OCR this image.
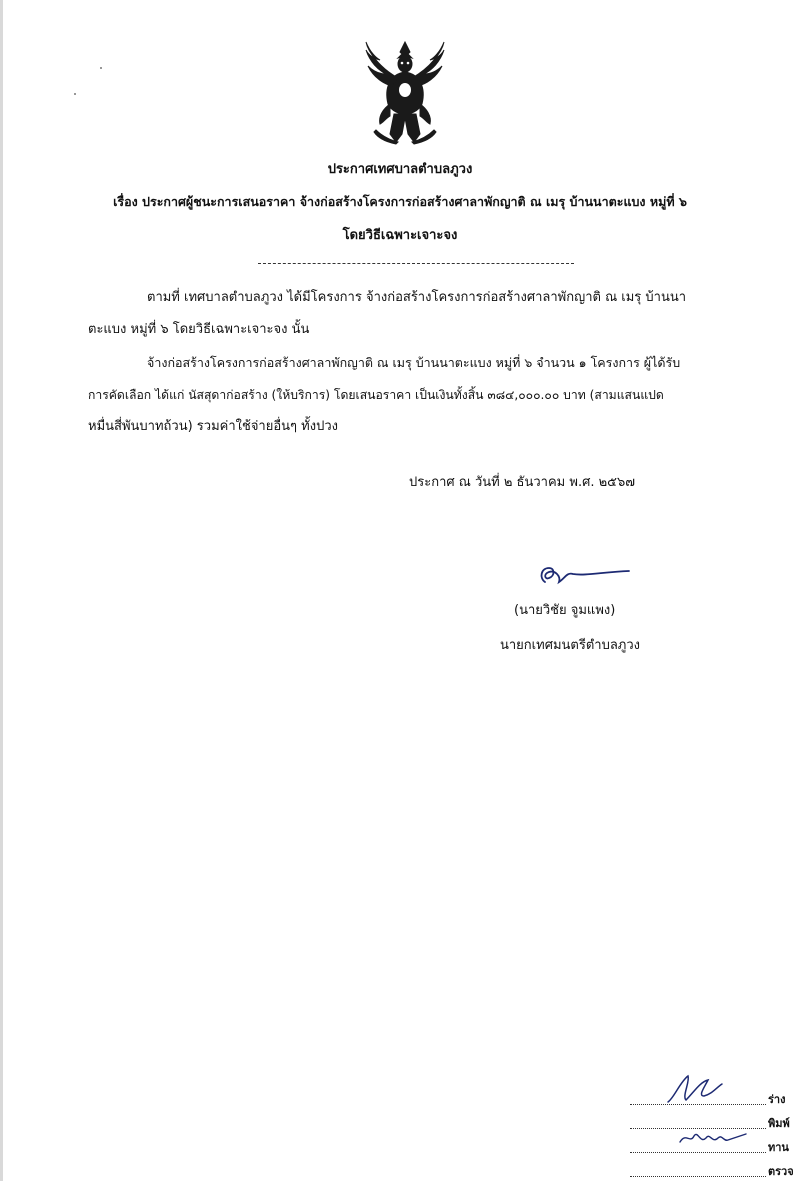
ประกาศเทศบาลตำบลภูวง
เรื่อง ประกาศผู้ชนะการเสนอราคา จ้างก่อสร้างโครงการก่อสร้างศาลาพักญาติ ณ เมรุ บ้านนาตะแบง หมู่ที่ ๖
โดยวิธีเฉพาะเจาะจง
ตามที่ เทศบาลตำบลภูวง ได้มีโครงการ จ้างก่อสร้างโครงการก่อสร้างศาลาพักญาติ ณ เมรุ บ้านนา
ตะแบง หมู่ที่ ๖ โดยวิธีเฉพาะเจาะจง นั้น
จ้างก่อสร้างโครงการก่อสร้างศาลาพักญาติ ณ เมรุ บ้านนาตะแบง หมู่ที่ ๖ จำนวน ๑ โครงการ ผู้ได้รับ
การคัดเลือก ได้แก่ นัสสุดาก่อสร้าง (ให้บริการ) โดยเสนอราคา เป็นเงินทั้งสิ้น ๓๘๔,๐๐๐.๐๐ บาท (สามแสนแปด
หมื่นสี่พันบาทถ้วน) รวมค่าใช้จ่ายอื่นๆ ทั้งปวง
ประกาศ ณ วันที่ ๒ ธันวาคม พ.ศ. ๒๕๖๗
(นายวิชัย จูมแพง)
นายกเทศมนตรีตำบลภูวง
ร่าง
พิมพ์
ทาน
ตรวจ
